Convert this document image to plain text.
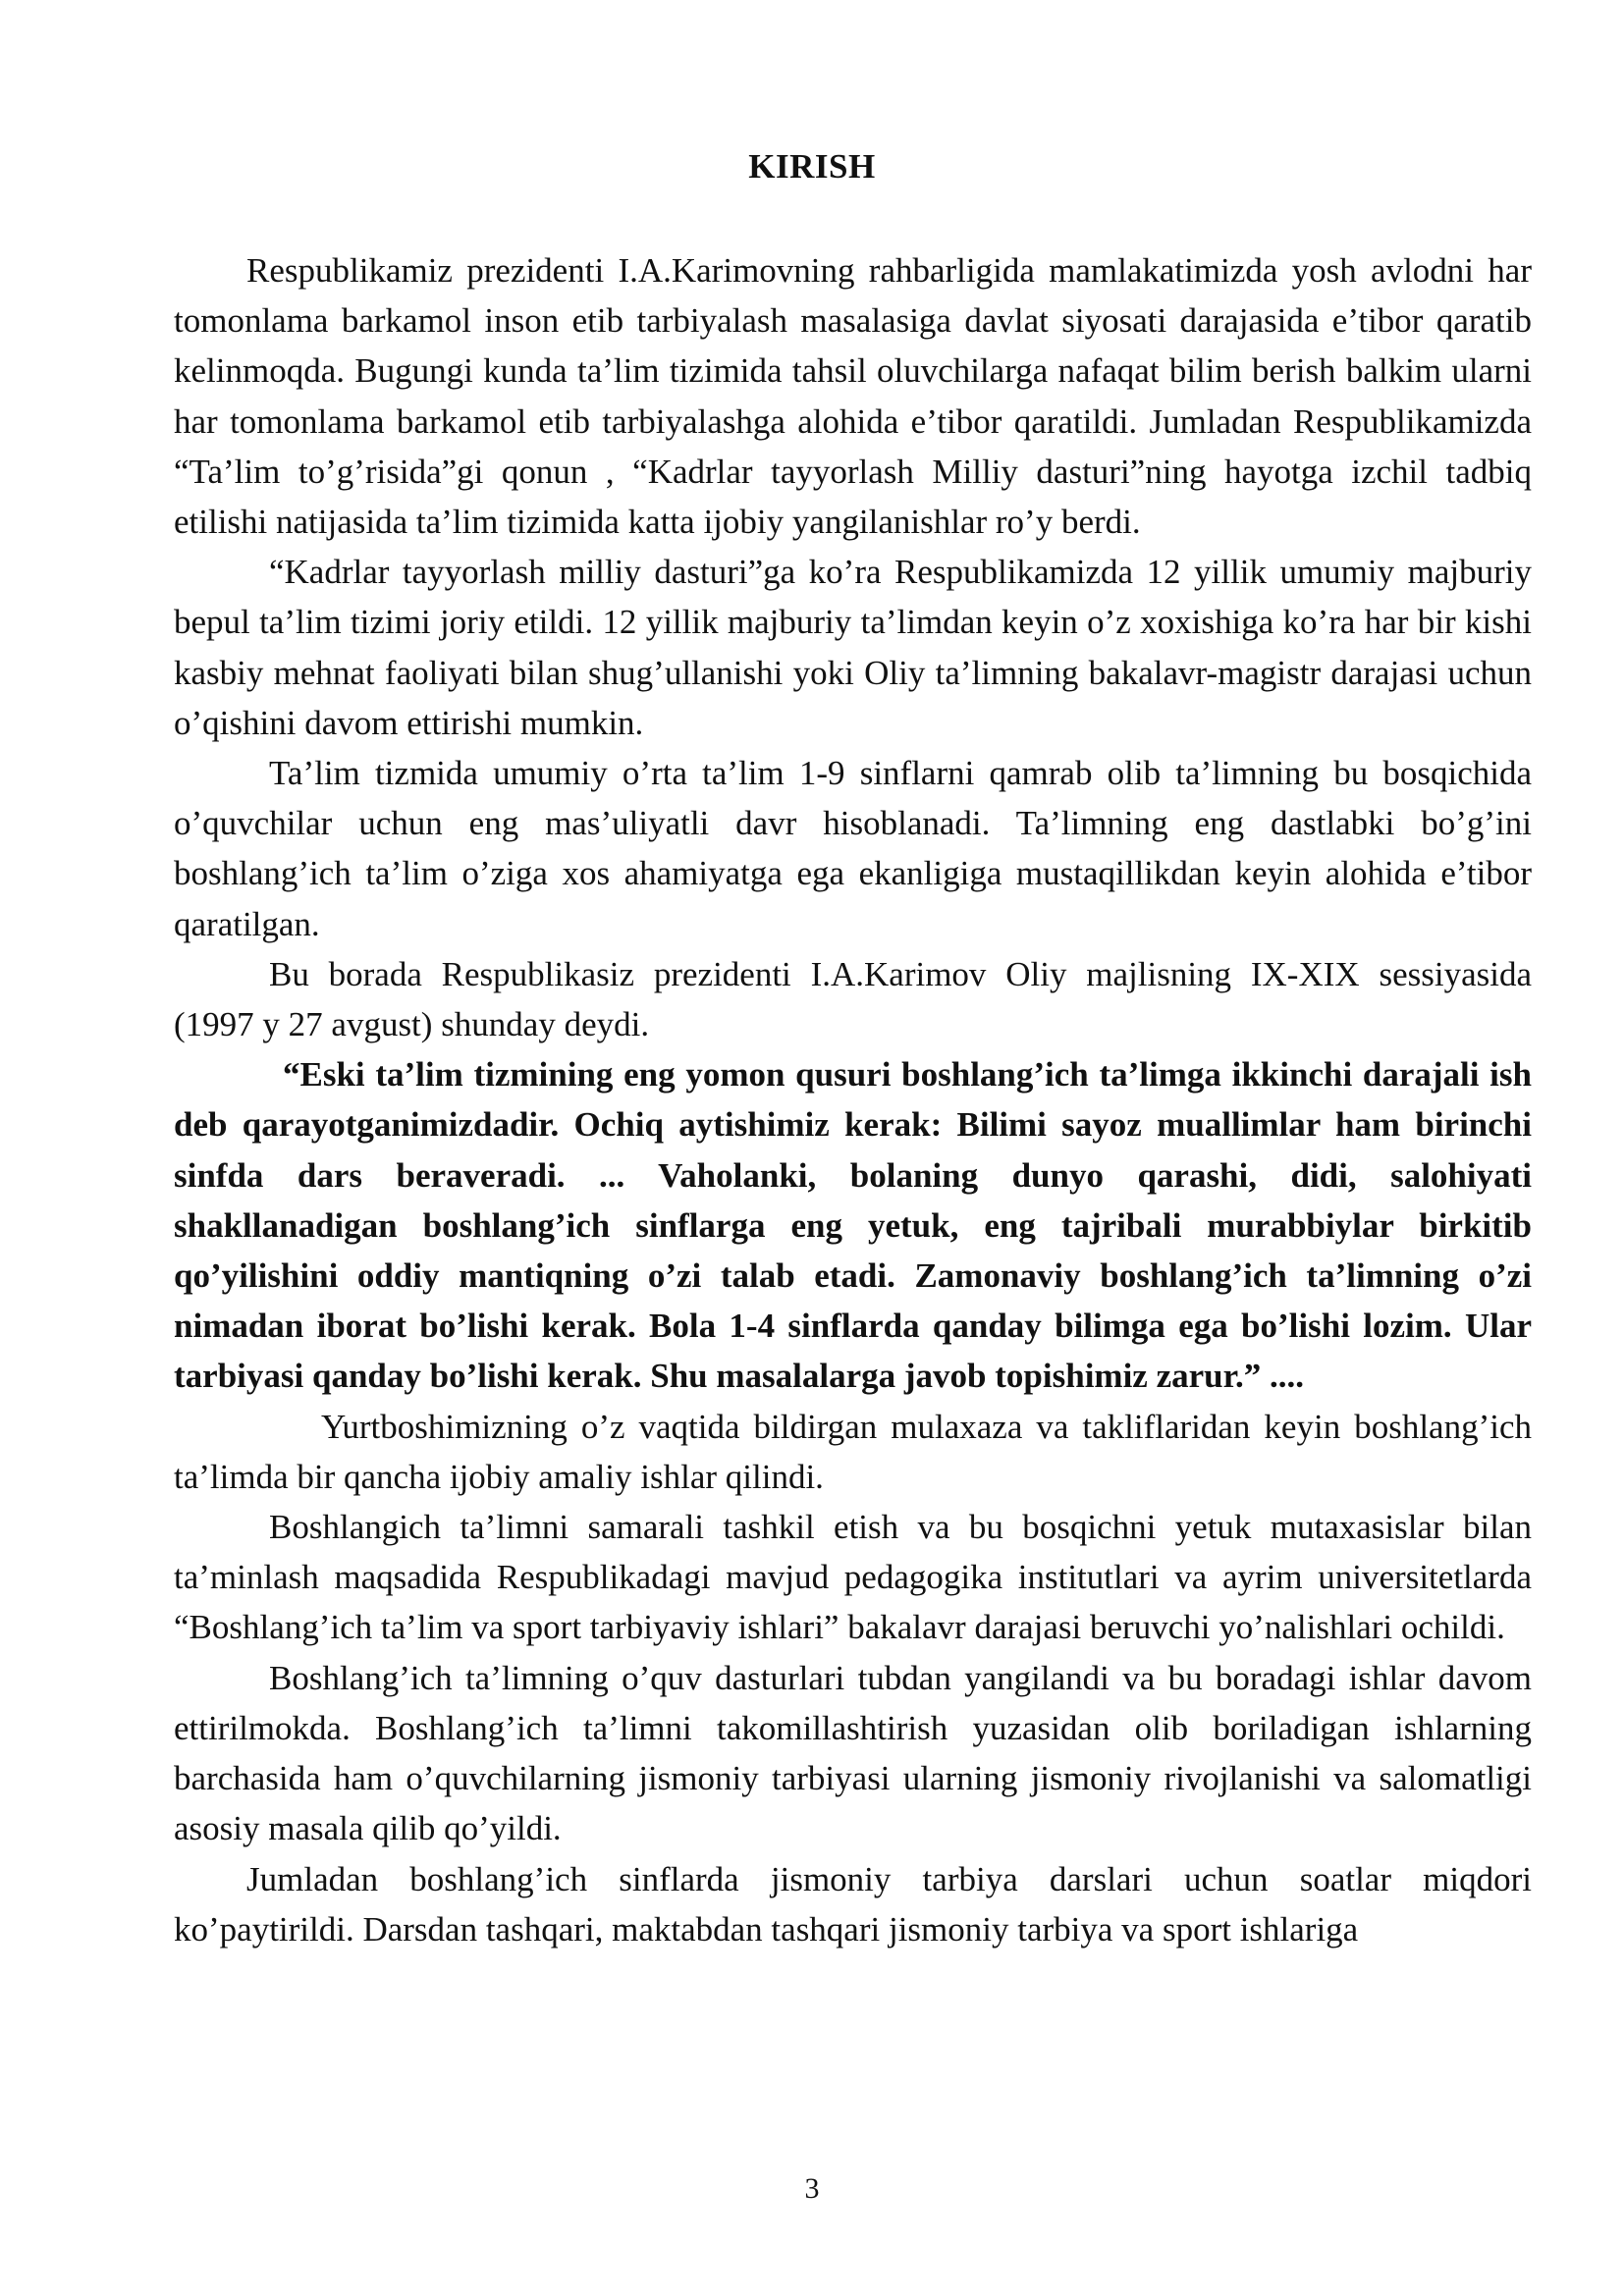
KIRISH

Respublikamiz prezidenti I.A.Karimovning rahbarligida mamlakatimizda yosh avlodni har tomonlama barkamol inson etib tarbiyalash masalasiga davlat siyosati darajasida e’tibor qaratib kelinmoqda. Bugungi kunda ta’lim tizimida tahsil oluvchilarga nafaqat bilim berish balkim ularni har tomonlama barkamol etib tarbiyalashga alohida e’tibor qaratildi. Jumladan Respublikamizda “Ta’lim to’g’risida”gi qonun , “Kadrlar tayyorlash Milliy dasturi”ning hayotga izchil tadbiq etilishi natijasida ta’lim tizimida katta ijobiy yangilanishlar ro’y berdi.

“Kadrlar tayyorlash milliy dasturi”ga ko’ra Respublikamizda 12 yillik umumiy majburiy bepul ta’lim tizimi joriy etildi. 12 yillik majburiy ta’limdan keyin o’z xoxishiga ko’ra har bir kishi kasbiy mehnat faoliyati bilan shug’ullanishi yoki Oliy ta’limning bakalavr-magistr darajasi uchun o’qishini davom ettirishi mumkin.

Ta’lim tizmida umumiy o’rta ta’lim 1-9 sinflarni qamrab olib ta’limning bu bosqichida o’quvchilar uchun eng mas’uliyatli davr hisoblanadi. Ta’limning eng dastlabki bo’g’ini boshlang’ich ta’lim o’ziga xos ahamiyatga ega ekanligiga mustaqillikdan keyin alohida e’tibor qaratilgan.

Bu borada Respublikasiz prezidenti I.A.Karimov Oliy majlisning IX-XIX sessiyasida (1997 y 27 avgust) shunday deydi.

“Eski ta’lim tizmining eng yomon qusuri boshlang’ich ta’limga ikkinchi darajali ish deb qarayotganimizdadir. Ochiq aytishimiz kerak: Bilimi sayoz muallimlar ham birinchi sinfda dars beraveradi. ... Vaholanki, bolaning dunyo qarashi, didi, salohiyati shakllanadigan boshlang’ich sinflarga eng yetuk, eng tajribali murabbiylar birkitib qo’yilishini oddiy mantiqning o’zi talab etadi. Zamonaviy boshlang’ich ta’limning o’zi nimadan iborat bo’lishi kerak. Bola 1-4 sinflarda qanday bilimga ega bo’lishi lozim. Ular tarbiyasi qanday bo’lishi kerak. Shu masalalarga javob topishimiz zarur.” ....

Yurtboshimizning o’z vaqtida bildirgan mulaxaza va takliflaridan keyin boshlang’ich ta’limda bir qancha ijobiy amaliy ishlar qilindi.

Boshlangich ta’limni samarali tashkil etish va bu bosqichni yetuk mutaxasislar bilan ta’minlash maqsadida Respublikadagi mavjud pedagogika institutlari va ayrim universitetlarda “Boshlang’ich ta’lim va sport tarbiyaviy ishlari” bakalavr darajasi beruvchi yo’nalishlari ochildi.

Boshlang’ich ta’limning o’quv dasturlari tubdan yangilandi va bu boradagi ishlar davom ettirilmokda. Boshlang’ich ta’limni takomillashtirish yuzasidan olib boriladigan ishlarning barchasida ham o’quvchilarning jismoniy tarbiyasi ularning jismoniy rivojlanishi va salomatligi asosiy masala qilib qo’yildi.

Jumladan boshlang’ich sinflarda jismoniy tarbiya darslari uchun soatlar miqdori ko’paytirildi. Darsdan tashqari, maktabdan tashqari jismoniy tarbiya va sport ishlariga

3
